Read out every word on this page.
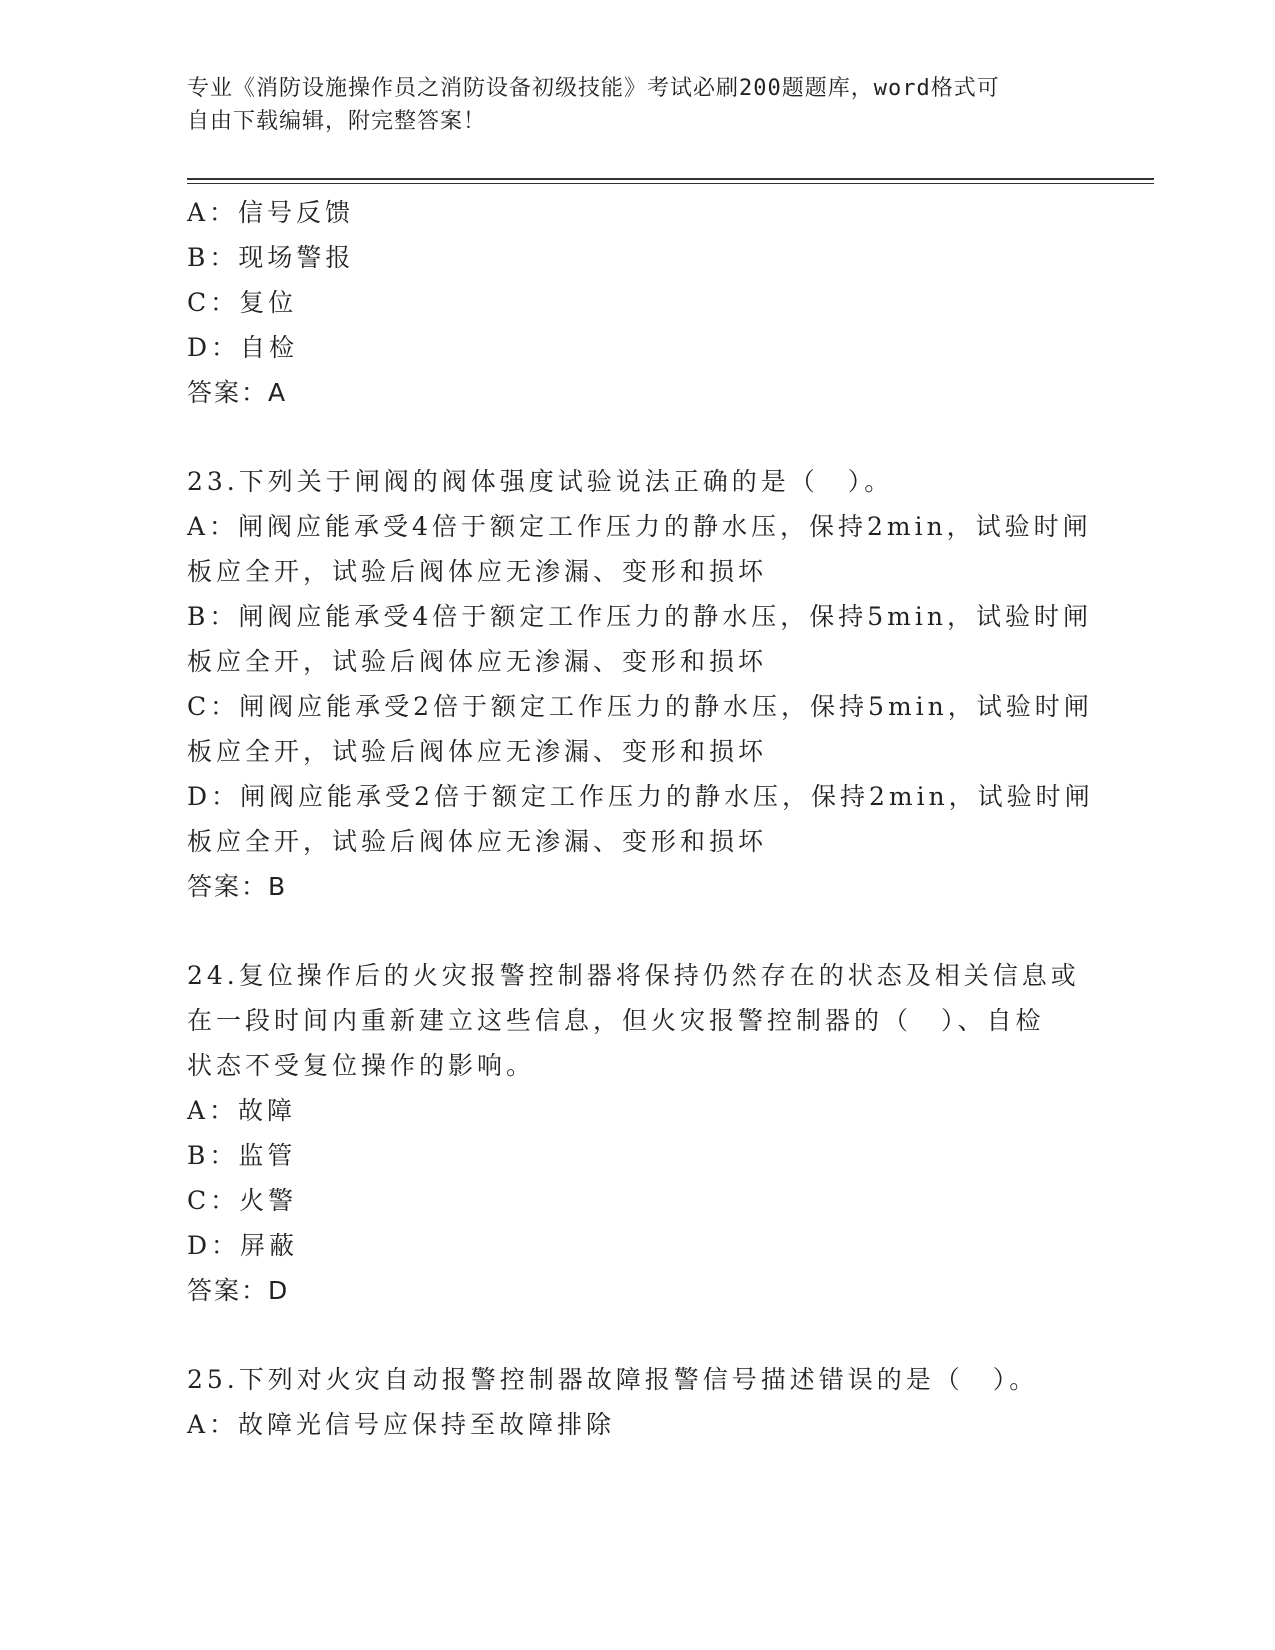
专业《消防设施操作员之消防设备初级技能》考试必刷200题题库，word格式可
自由下载编辑，附完整答案！
A：信号反馈
B：现场警报
C：复位
D：自检
答案：A
23.下列关于闸阀的阀体强度试验说法正确的是（　）。
A：闸阀应能承受4倍于额定工作压力的静水压，保持2min，试验时闸
板应全开，试验后阀体应无渗漏、变形和损坏
B：闸阀应能承受4倍于额定工作压力的静水压，保持5min，试验时闸
板应全开，试验后阀体应无渗漏、变形和损坏
C：闸阀应能承受2倍于额定工作压力的静水压，保持5min，试验时闸
板应全开，试验后阀体应无渗漏、变形和损坏
D：闸阀应能承受2倍于额定工作压力的静水压，保持2min，试验时闸
板应全开，试验后阀体应无渗漏、变形和损坏
答案：B
24.复位操作后的火灾报警控制器将保持仍然存在的状态及相关信息或
在一段时间内重新建立这些信息，但火灾报警控制器的（　）、自检
状态不受复位操作的影响。
A：故障
B：监管
C：火警
D：屏蔽
答案：D
25.下列对火灾自动报警控制器故障报警信号描述错误的是（　）。
A：故障光信号应保持至故障排除
